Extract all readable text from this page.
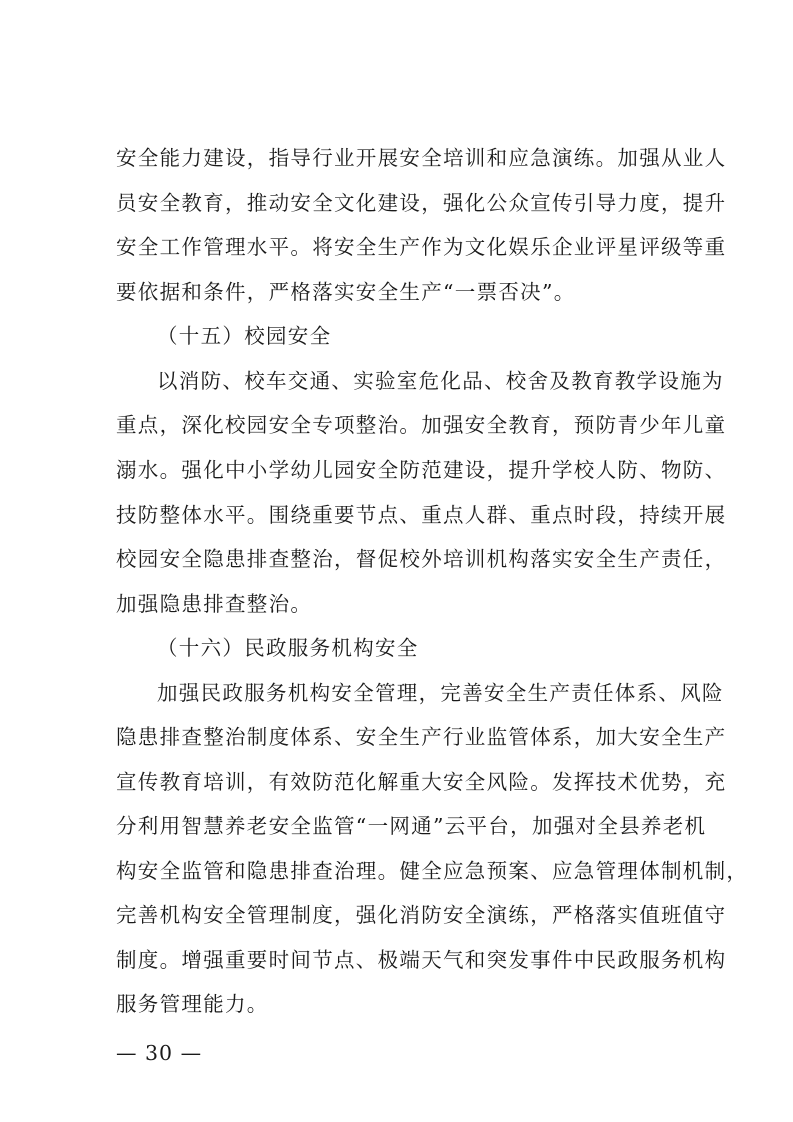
安全能力建设，指导行业开展安全培训和应急演练。加强从业人
员安全教育，推动安全文化建设，强化公众宣传引导力度，提升
安全工作管理水平。将安全生产作为文化娱乐企业评星评级等重
要依据和条件，严格落实安全生产“一票否决”。
（十五）校园安全
以消防、校车交通、实验室危化品、校舍及教育教学设施为
重点，深化校园安全专项整治。加强安全教育，预防青少年儿童
溺水。强化中小学幼儿园安全防范建设，提升学校人防、物防、
技防整体水平。围绕重要节点、重点人群、重点时段，持续开展
校园安全隐患排查整治，督促校外培训机构落实安全生产责任，
加强隐患排查整治。
（十六）民政服务机构安全
加强民政服务机构安全管理，完善安全生产责任体系、风险
隐患排查整治制度体系、安全生产行业监管体系，加大安全生产
宣传教育培训，有效防范化解重大安全风险。发挥技术优势，充
分利用智慧养老安全监管“一网通”云平台，加强对全县养老机
构安全监管和隐患排查治理。健全应急预案、应急管理体制机制，
完善机构安全管理制度，强化消防安全演练，严格落实值班值守
制度。增强重要时间节点、极端天气和突发事件中民政服务机构
服务管理能力。
— 30 —
